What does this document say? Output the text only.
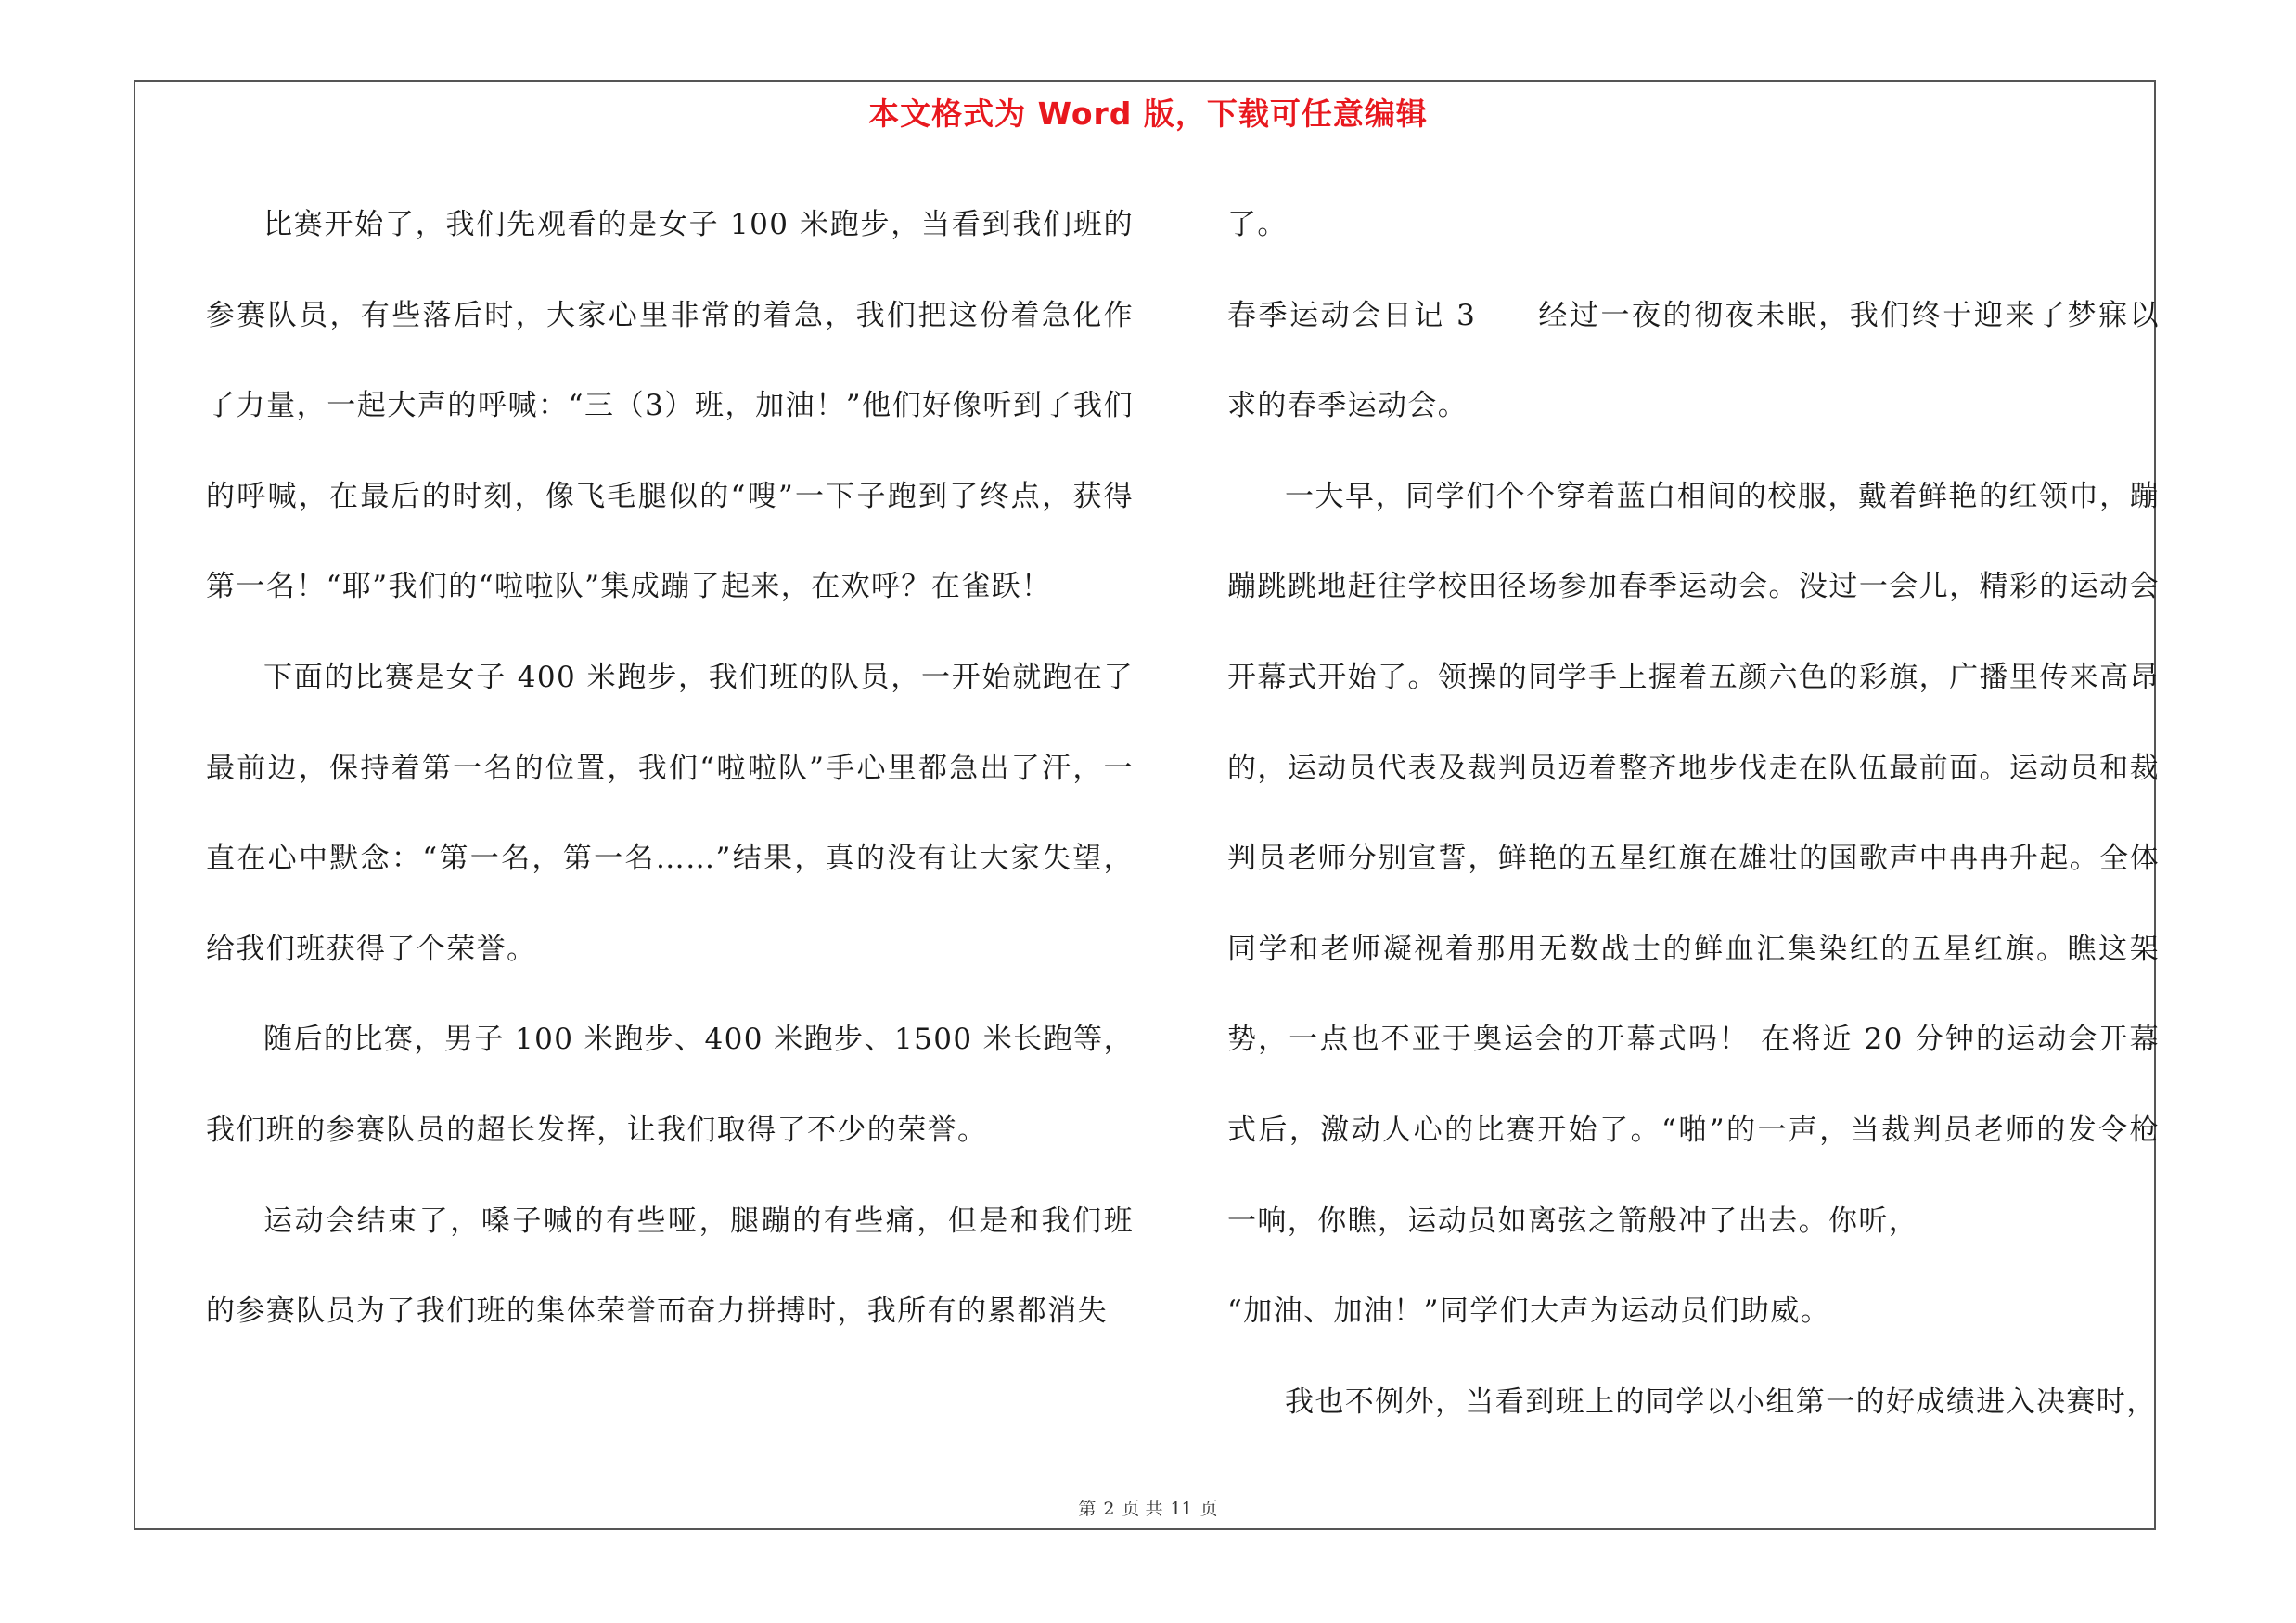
本文格式为 Word 版，下载可任意编辑

比赛开始了，我们先观看的是女子 100 米跑步，当看到我们班的参赛队员，有些落后时，大家心里非常的着急，我们把这份着急化作了力量，一起大声的呼喊：“三（3）班，加油！”他们好像听到了我们的呼喊，在最后的时刻，像飞毛腿似的“嗖”一下子跑到了终点，获得第一名！“耶”我们的“啦啦队”集成蹦了起来，在欢呼？在雀跃！

下面的比赛是女子 400 米跑步，我们班的队员，一开始就跑在了最前边，保持着第一名的位置，我们“啦啦队”手心里都急出了汗，一直在心中默念：“第一名，第一名……”结果，真的没有让大家失望，给我们班获得了个荣誉。

随后的比赛，男子 100 米跑步、400 米跑步、1500 米长跑等，我们班的参赛队员的超长发挥，让我们取得了不少的荣誉。

运动会结束了，嗓子喊的有些哑，腿蹦的有些痛，但是和我们班的参赛队员为了我们班的集体荣誉而奋力拼搏时，我所有的累都消失

了。

春季运动会日记 3 经过一夜的彻夜未眠，我们终于迎来了梦寐以求的春季运动会。

一大早，同学们个个穿着蓝白相间的校服，戴着鲜艳的红领巾，蹦蹦跳跳地赶往学校田径场参加春季运动会。没过一会儿，精彩的运动会开幕式开始了。领操的同学手上握着五颜六色的彩旗，广播里传来高昂的，运动员代表及裁判员迈着整齐地步伐走在队伍最前面。运动员和裁判员老师分别宣誓，鲜艳的五星红旗在雄壮的国歌声中冉冉升起。全体同学和老师凝视着那用无数战士的鲜血汇集染红的五星红旗。瞧这架势，一点也不亚于奥运会的开幕式吗！ 在将近 20 分钟的运动会开幕式后，激动人心的比赛开始了。“啪”的一声，当裁判员老师的发令枪一响，你瞧，运动员如离弦之箭般冲了出去。你听，

“加油、加油！”同学们大声为运动员们助威。

我也不例外，当看到班上的同学以小组第一的好成绩进入决赛时，

第 2 页 共 11 页
